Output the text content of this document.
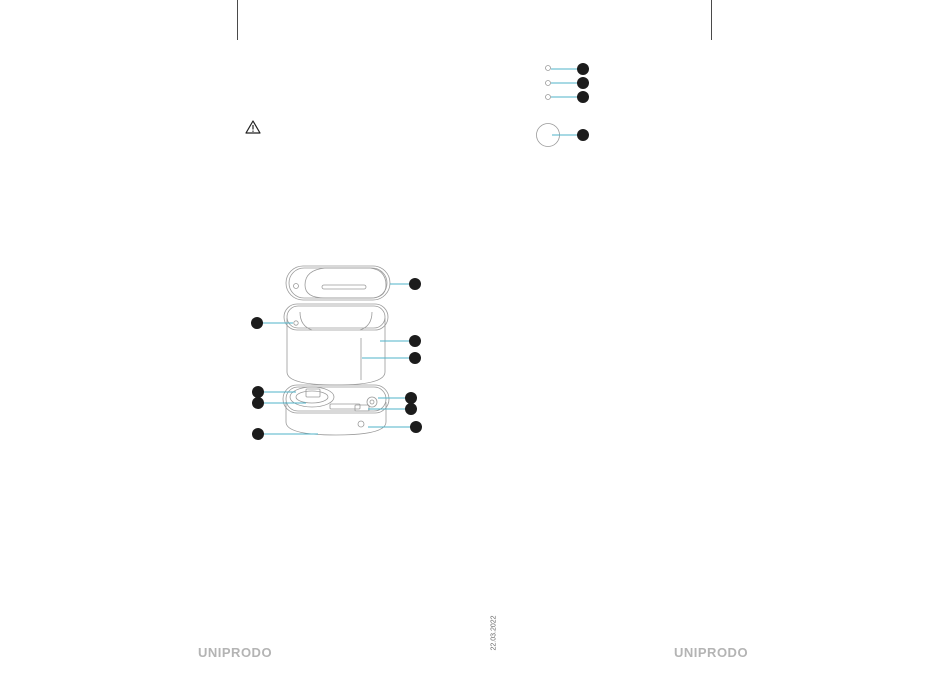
22.03.2022
UNIPRODO	UNIPRODO
